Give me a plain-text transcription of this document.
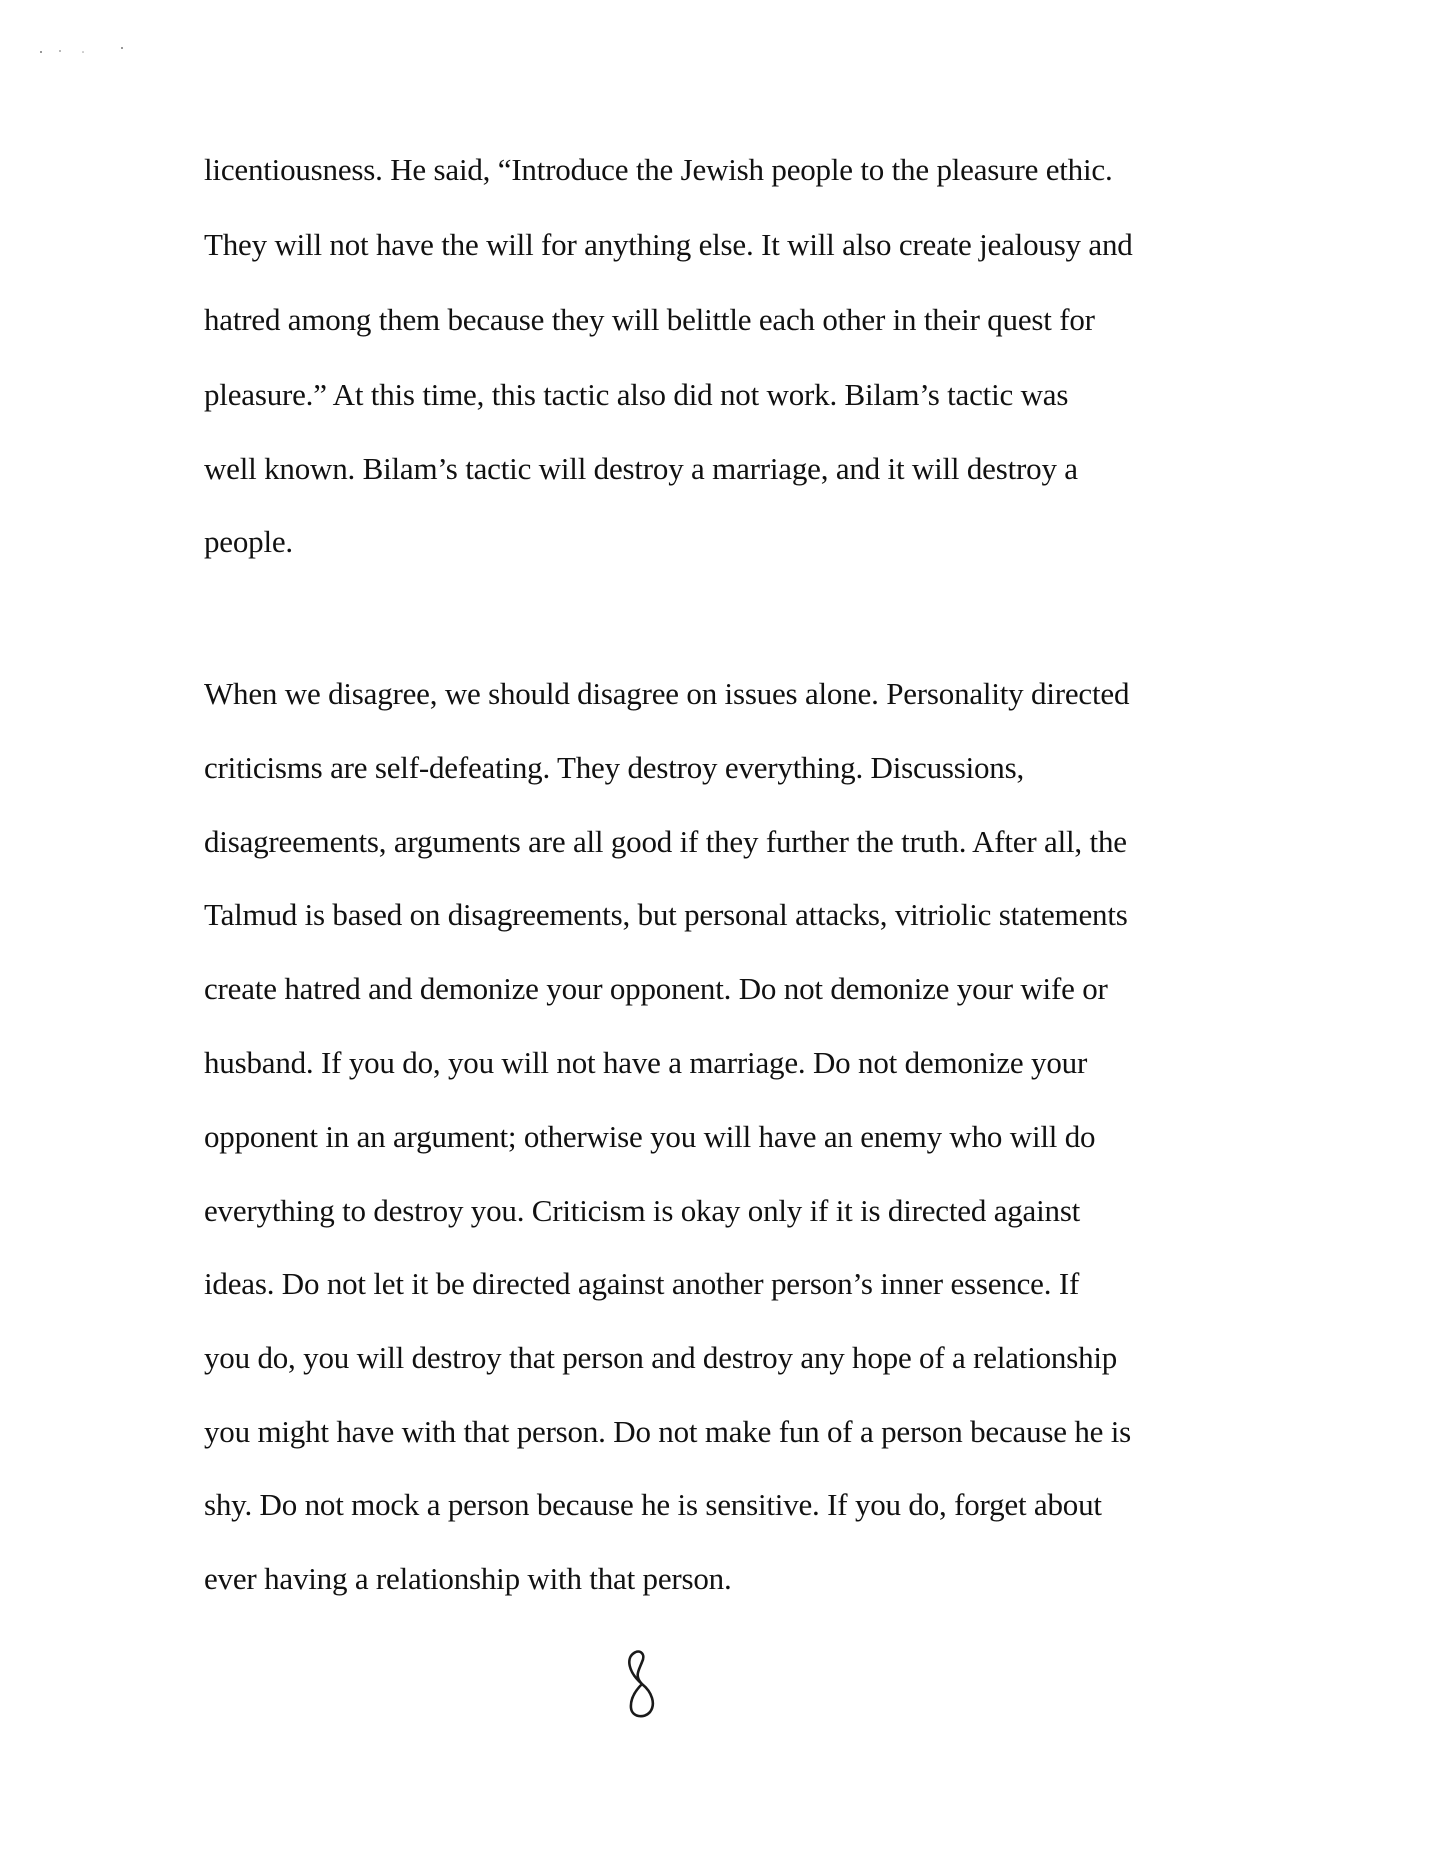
licentiousness. He said, “Introduce the Jewish people to the pleasure ethic.

They will not have the will for anything else. It will also create jealousy and

hatred among them because they will belittle each other in their quest for

pleasure.” At this time, this tactic also did not work. Bilam’s tactic was

well known. Bilam’s tactic will destroy a marriage, and it will destroy a

people.

When we disagree, we should disagree on issues alone. Personality directed

criticisms are self-defeating. They destroy everything. Discussions,

disagreements, arguments are all good if they further the truth. After all, the

Talmud is based on disagreements, but personal attacks, vitriolic statements

create hatred and demonize your opponent. Do not demonize your wife or

husband. If you do, you will not have a marriage. Do not demonize your

opponent in an argument; otherwise you will have an enemy who will do

everything to destroy you. Criticism is okay only if it is directed against

ideas. Do not let it be directed against another person’s inner essence. If

you do, you will destroy that person and destroy any hope of a relationship

you might have with that person. Do not make fun of a person because he is

shy. Do not mock a person because he is sensitive. If you do, forget about

ever having a relationship with that person.
